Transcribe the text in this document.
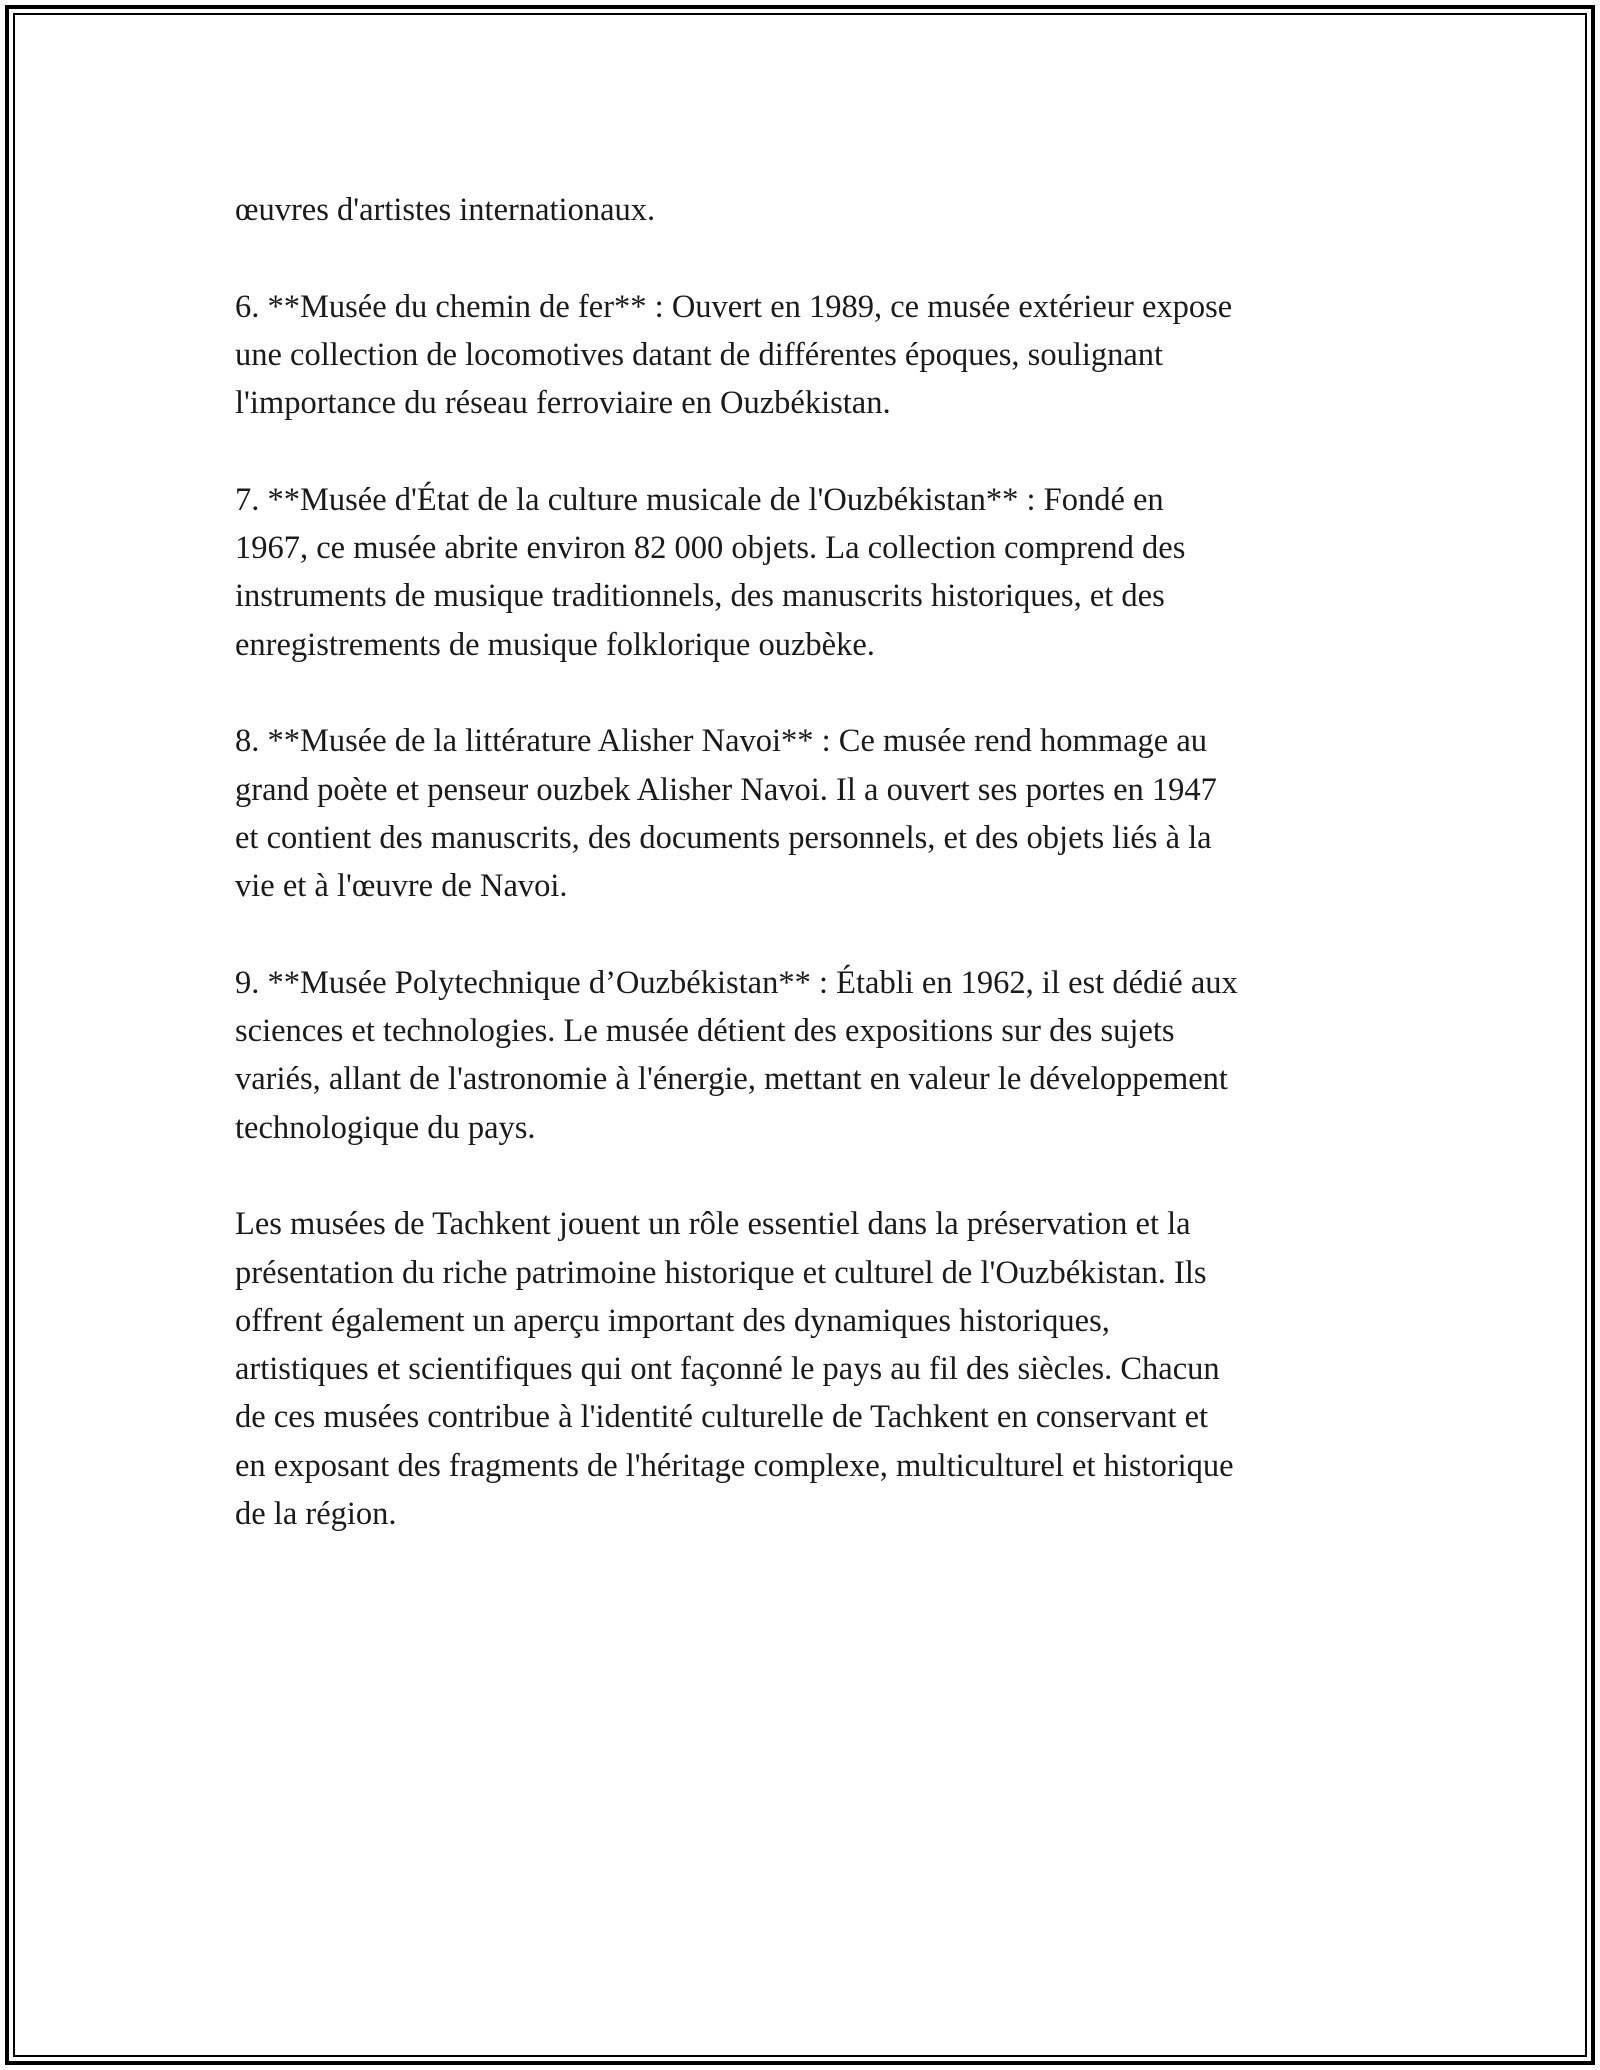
œuvres d'artistes internationaux.

6. **Musée du chemin de fer** : Ouvert en 1989, ce musée extérieur expose
une collection de locomotives datant de différentes époques, soulignant
l'importance du réseau ferroviaire en Ouzbékistan.

7. **Musée d'État de la culture musicale de l'Ouzbékistan** : Fondé en
1967, ce musée abrite environ 82 000 objets. La collection comprend des
instruments de musique traditionnels, des manuscrits historiques, et des
enregistrements de musique folklorique ouzbèke.

8. **Musée de la littérature Alisher Navoi** : Ce musée rend hommage au
grand poète et penseur ouzbek Alisher Navoi. Il a ouvert ses portes en 1947
et contient des manuscrits, des documents personnels, et des objets liés à la
vie et à l'œuvre de Navoi.

9. **Musée Polytechnique d’Ouzbékistan** : Établi en 1962, il est dédié aux
sciences et technologies. Le musée détient des expositions sur des sujets
variés, allant de l'astronomie à l'énergie, mettant en valeur le développement
technologique du pays.

Les musées de Tachkent jouent un rôle essentiel dans la préservation et la
présentation du riche patrimoine historique et culturel de l'Ouzbékistan. Ils
offrent également un aperçu important des dynamiques historiques,
artistiques et scientifiques qui ont façonné le pays au fil des siècles. Chacun
de ces musées contribue à l'identité culturelle de Tachkent en conservant et
en exposant des fragments de l'héritage complexe, multiculturel et historique
de la région.
